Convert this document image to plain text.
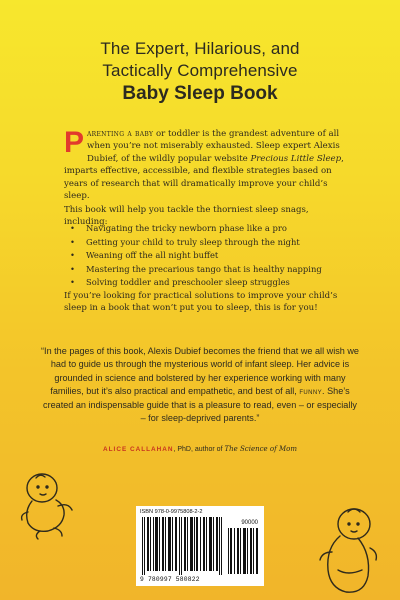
The Expert, Hilarious, and
Tactically Comprehensive
Baby Sleep Book
Parenting a baby or toddler is the grandest adventure of all when you’re not miserably exhausted. Sleep expert Alexis Dubief, of the wildly popular website Precious Little Sleep, imparts effective, accessible, and flexible strategies based on years of research that will dramatically improve your child’s sleep.
This book will help you tackle the thorniest sleep snags, including:
• Navigating the tricky newborn phase like a pro
• Getting your child to truly sleep through the night
• Weaning off the all night buffet
• Mastering the precarious tango that is healthy napping
• Solving toddler and preschooler sleep struggles
If you’re looking for practical solutions to improve your child’s sleep in a book that won’t put you to sleep, this is for you!
“In the pages of this book, Alexis Dubief becomes the friend that we all wish we had to guide us through the mysterious world of infant sleep. Her advice is grounded in science and bolstered by her experience working with many families, but it’s also practical and empathetic, and best of all, funny. She’s created an indispensable guide that is a pleasure to read, even – or especially – for sleep-deprived parents.”
ALICE CALLAHAN, PhD, author of The Science of Mom
ISBN 978-0-9975808-2-2
90000
9 780997 580822
